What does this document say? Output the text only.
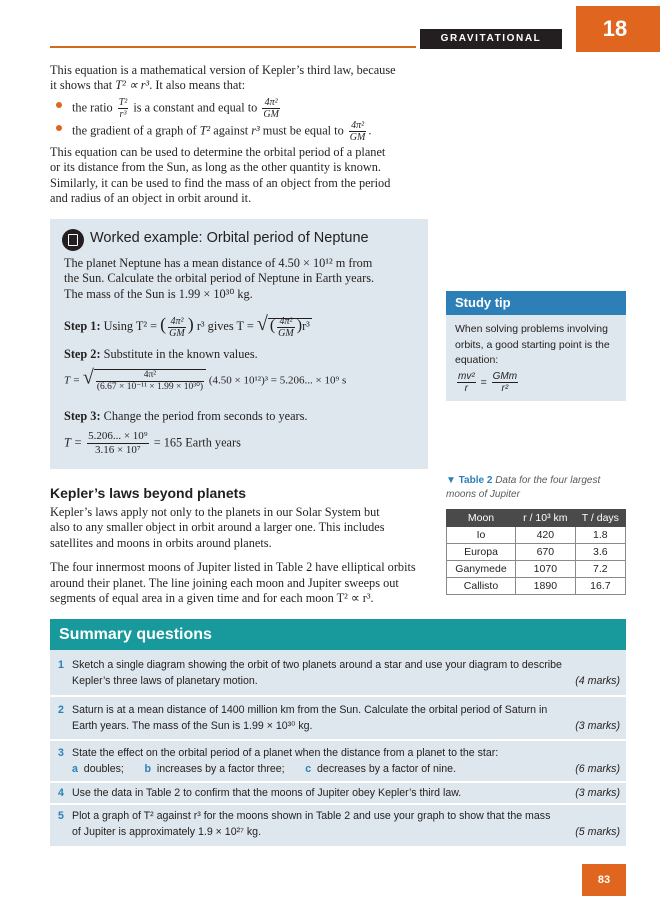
GRAVITATIONAL FIELDS
18
This equation is a mathematical version of Kepler’s third law, because
it shows that T² ∝ r³. It also means that:
the ratio $\frac{\text{T²}}{\text{r³}}$ is a constant and equal to $\frac{\text{4π²}}{GM}$
the gradient of a graph of T² against r³ must be equal to $\frac{\text{4π²}}{GM}$ .
This equation can be used to determine the orbital period of a planet
or its distance from the Sun, as long as the other quantity is known.
Similarly, it can be used to find the mass of an object from the period
and radius of an object in orbit around it.
Worked example: Orbital period of Neptune
The planet Neptune has a mean distance of 4.50 × 10¹² m from
the Sun. Calculate the orbital period of Neptune in Earth years.
The mass of the Sun is 1.99 × 10³⁰ kg.
Step 1: Using T² = ( $\frac{\text{4π²}}{GM}$ ) r³ gives T = √ ( $\frac{\text{4π²}}{GM} )r^3$
Step 2: Substitute in the known values.
T = √ $\frac{\text{4π²}}{\text{(6.67 × 10⁻¹¹ × 1.99 × 10³⁰)}} (4.50 \times 10^{12})^3 = 5.206$... × 10⁹ s
Step 3: Change the period from seconds to years.
$T = \frac{\text{5.206... × 10⁹}}{\text{3.16 × 10⁷}} = 165$ Earth years
Study tip
When solving problems involving
orbits, a good starting point is the
equation:
$\frac{\text{mv²}}{r} = \frac{\text{GMm}}{\text{r²}}$
▼ Table 2 Data for the four largest moons of Jupiter
Moon	r / 10³ km	T / days
Io	420	1.8
Europa	670	3.6
Ganymede	1070	7.2
Callisto	1890	16.7
Kepler’s laws beyond planets
Kepler’s laws apply not only to the planets in our Solar System but
also to any smaller object in orbit around a larger one. This includes
satellites and moons in orbits around planets.
The four innermost moons of Jupiter listed in Table 2 have elliptical orbits
around their planet. The line joining each moon and Jupiter sweeps out
segments of equal area in a given time and for each moon T² ∝ r³.
Summary questions
1 Sketch a single diagram showing the orbit of two planets around a star and use your diagram to describe
Kepler’s three laws of planetary motion.	(4 marks)
2 Saturn is at a mean distance of 1400 million km from the Sun. Calculate the orbital period of Saturn in
Earth years. The mass of the Sun is 1.99 × 10³⁰ kg.	(3 marks)
3 State the effect on the orbital period of a planet when the distance from a planet to the star:
a doubles; b increases by a factor three; c decreases by a factor of nine.	(6 marks)
4 Use the data in Table 2 to confirm that the moons of Jupiter obey Kepler’s third law.	(3 marks)
5 Plot a graph of T² against r³ for the moons shown in Table 2 and use your graph to show that the mass
of Jupiter is approximately 1.9 × 10²⁷ kg.	(5 marks)
83
